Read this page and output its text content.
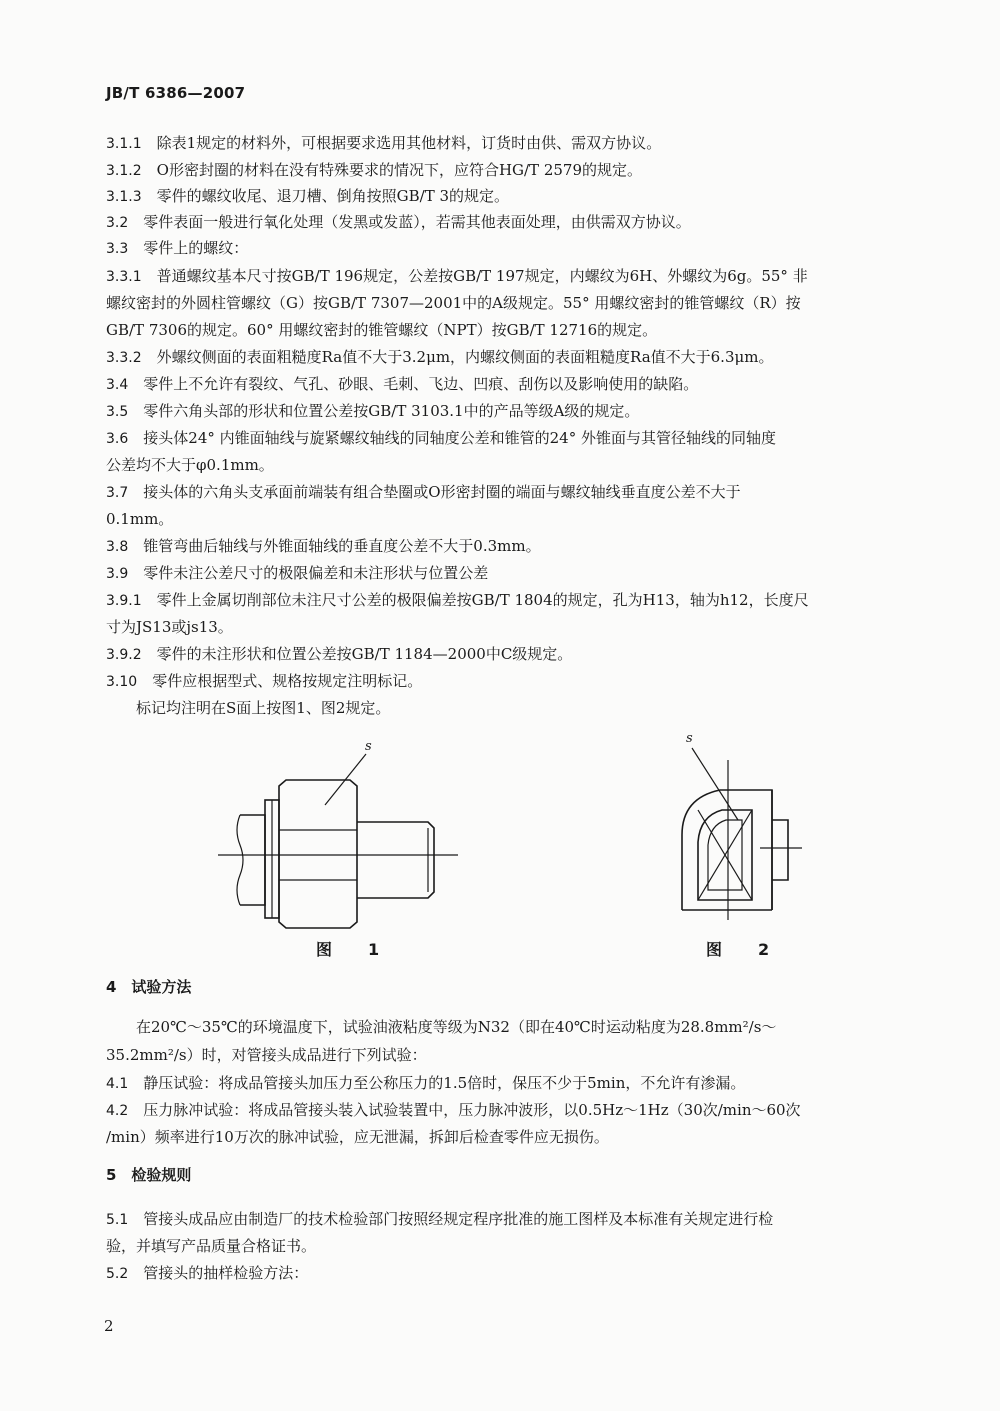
JB/T 6386—2007
3.1.1　 除表1规定的材料外，可根据要求选用其他材料，订货时由供、需双方协议。
3.1.2　 O形密封圈的材料在没有特殊要求的情况下，应符合HG/T 2579的规定。
3.1.3　 零件的螺纹收尾、退刀槽、倒角按照GB/T 3的规定。
3.2　 零件表面一般进行氧化处理（发黑或发蓝），若需其他表面处理，由供需双方协议。
3.3　 零件上的螺纹：
3.3.1　 普通螺纹基本尺寸按GB/T 196规定，公差按GB/T 197规定，内螺纹为6H、外螺纹为6g。55° 非
螺纹密封的外圆柱管螺纹（G）按GB/T 7307—2001中的A级规定。55° 用螺纹密封的锥管螺纹（R）按
GB/T 7306的规定。60° 用螺纹密封的锥管螺纹（NPT）按GB/T 12716的规定。
3.3.2　 外螺纹侧面的表面粗糙度Ra值不大于3.2μm，内螺纹侧面的表面粗糙度Ra值不大于6.3μm。
3.4　 零件上不允许有裂纹、气孔、砂眼、毛刺、飞边、凹痕、刮伤以及影响使用的缺陷。
3.5　 零件六角头部的形状和位置公差按GB/T 3103.1中的产品等级A级的规定。
3.6　 接头体24° 内锥面轴线与旋紧螺纹轴线的同轴度公差和锥管的24° 外锥面与其管径轴线的同轴度
公差均不大于φ0.1mm。
3.7　 接头体的六角头支承面前端装有组合垫圈或O形密封圈的端面与螺纹轴线垂直度公差不大于
0.1mm。
3.8　 锥管弯曲后轴线与外锥面轴线的垂直度公差不大于0.3mm。
3.9　 零件未注公差尺寸的极限偏差和未注形状与位置公差
3.9.1　 零件上金属切削部位未注尺寸公差的极限偏差按GB/T 1804的规定，孔为H13，轴为h12，长度尺
寸为JS13或js13。
3.9.2　 零件的未注形状和位置公差按GB/T 1184—2000中C级规定。
3.10　 零件应根据型式、规格按规定注明标记。
标记均注明在S面上按图1、图2规定。
s
图　1
s
图　2
4　试验方法
在20℃～35℃的环境温度下，试验油液粘度等级为N32（即在40℃时运动粘度为28.8mm²/s～
35.2mm²/s）时，对管接头成品进行下列试验：
4.1　 静压试验：将成品管接头加压力至公称压力的1.5倍时，保压不少于5min，不允许有渗漏。
4.2　 压力脉冲试验：将成品管接头装入试验装置中，压力脉冲波形，以0.5Hz～1Hz（30次/min～60次
/min）频率进行10万次的脉冲试验，应无泄漏，拆卸后检查零件应无损伤。
5　检验规则
5.1　 管接头成品应由制造厂的技术检验部门按照经规定程序批准的施工图样及本标准有关规定进行检
验，并填写产品质量合格证书。
5.2　 管接头的抽样检验方法：
2
